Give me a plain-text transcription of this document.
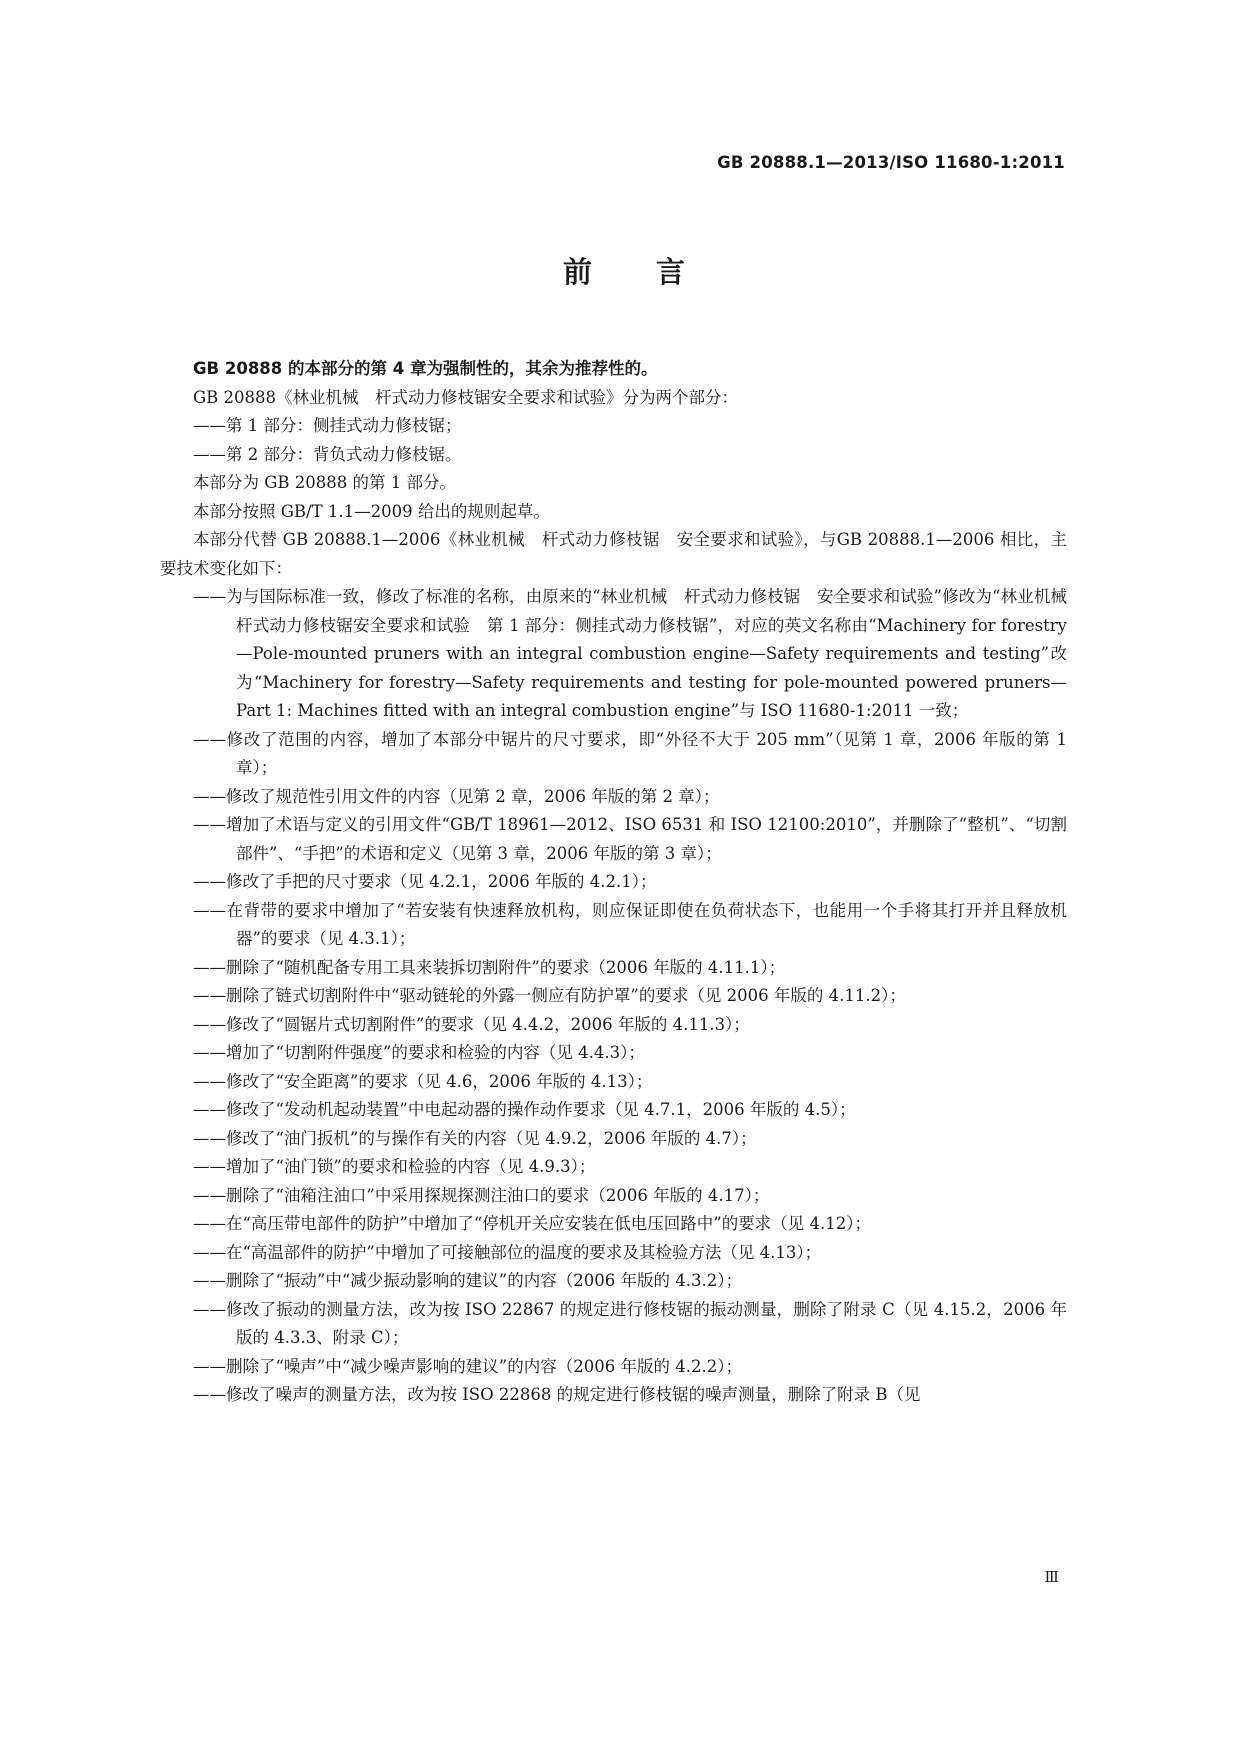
GB 20888.1—2013/ISO 11680-1:2011
前言

GB 20888 的本部分的第 4 章为强制性的，其余为推荐性的。

GB 20888《林业机械　杆式动力修枝锯安全要求和试验》分为两个部分：

——第 1 部分：侧挂式动力修枝锯；

——第 2 部分：背负式动力修枝锯。

本部分为 GB 20888 的第 1 部分。

本部分按照 GB/T 1.1—2009 给出的规则起草。

本部分代替 GB 20888.1—2006《林业机械　杆式动力修枝锯　安全要求和试验》，与GB 20888.1—2006 相比，主要技术变化如下：

——为与国际标准一致，修改了标准的名称，由原来的“林业机械　杆式动力修枝锯　安全要求和试验”修改为“林业机械　杆式动力修枝锯安全要求和试验　第 1 部分：侧挂式动力修枝锯”，对应的英文名称由“Machinery for forestry—Pole-mounted pruners with an integral combustion engine—Safety requirements and testing”改为“Machinery for forestry—Safety requirements and testing for pole-mounted powered pruners—Part 1: Machines fitted with an integral combustion engine”与 ISO 11680-1:2011 一致；

——修改了范围的内容，增加了本部分中锯片的尺寸要求，即“外径不大于 205 mm”（见第 1 章，2006 年版的第 1 章）；

——修改了规范性引用文件的内容（见第 2 章，2006 年版的第 2 章）；

——增加了术语与定义的引用文件“GB/T 18961—2012、ISO 6531 和 ISO 12100:2010”，并删除了“整机”、“切割部件”、“手把”的术语和定义（见第 3 章，2006 年版的第 3 章）；

——修改了手把的尺寸要求（见 4.2.1，2006 年版的 4.2.1）；

——在背带的要求中增加了“若安装有快速释放机构，则应保证即使在负荷状态下，也能用一个手将其打开并且释放机器”的要求（见 4.3.1）；

——删除了“随机配备专用工具来装拆切割附件”的要求（2006 年版的 4.11.1）；

——删除了链式切割附件中“驱动链轮的外露一侧应有防护罩”的要求（见 2006 年版的 4.11.2）；

——修改了“圆锯片式切割附件”的要求（见 4.4.2，2006 年版的 4.11.3）；

——增加了“切割附件强度”的要求和检验的内容（见 4.4.3）；

——修改了“安全距离”的要求（见 4.6，2006 年版的 4.13）；

——修改了“发动机起动装置”中电起动器的操作动作要求（见 4.7.1，2006 年版的 4.5）；

——修改了“油门扳机”的与操作有关的内容（见 4.9.2，2006 年版的 4.7）；

——增加了“油门锁”的要求和检验的内容（见 4.9.3）；

——删除了“油箱注油口”中采用探规探测注油口的要求（2006 年版的 4.17）；

——在“高压带电部件的防护”中增加了“停机开关应安装在低电压回路中”的要求（见 4.12）；

——在“高温部件的防护”中增加了可接触部位的温度的要求及其检验方法（见 4.13）；

——删除了“振动”中“减少振动影响的建议”的内容（2006 年版的 4.3.2）；

——修改了振动的测量方法，改为按 ISO 22867 的规定进行修枝锯的振动测量，删除了附录 C（见 4.15.2，2006 年版的 4.3.3、附录 C）；

——删除了“噪声”中“减少噪声影响的建议”的内容（2006 年版的 4.2.2）；

——修改了噪声的测量方法，改为按 ISO 22868 的规定进行修枝锯的噪声测量，删除了附录 B（见

Ⅲ
